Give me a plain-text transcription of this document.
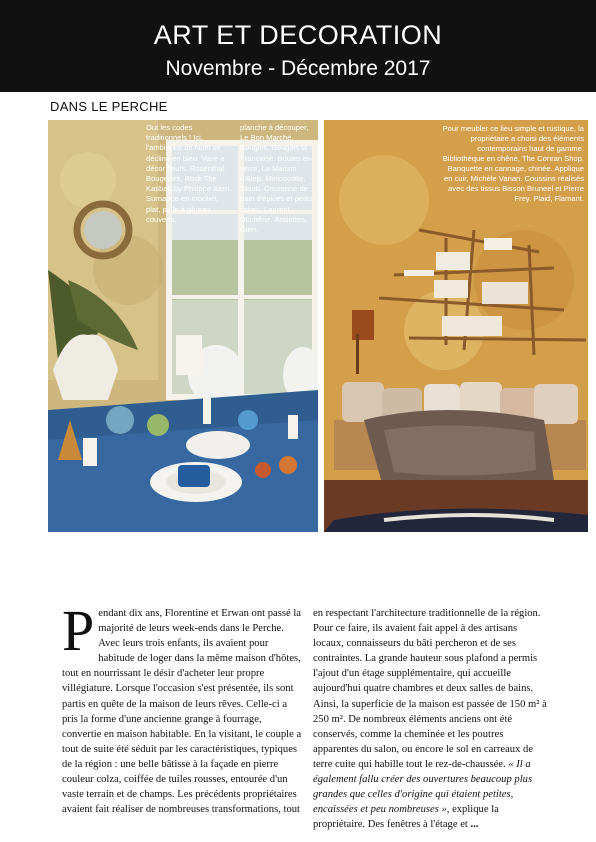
ART ET DECORATION
Novembre - Décembre 2017
DANS LE PERCHE
Out les codes traditionnels ! Ici, l'ambiance de Noël se décline en bleu. Vase à décor fleurs, Rosenthal. Bougeoirs, Rock The Kasbah by Philippe Xerri. Surnappe en crochet, plat, pelle à gâteau, couverts,
planche à découper, Le Bon Marché. Bougies, Bougies la Française. Boules en verre, La Maison d'Alep. Minicocotte, Staub. Couronne de pain d'épices et petits cakes, Laurent Duchêne. Assiettes, Gien.
Pour meubler ce lieu simple et rustique, la propriétaire a choisi des éléments contemporains haut de gamme. Bibliothèque en chêne, The Conran Shop. Banquette en cannage, chinée. Applique en cuir, Michèle Varian. Coussins réalisés avec des tissus Bisson Bruneel et Pierre Frey. Plaid, Flamant.

Pendant dix ans, Florentine et Erwan ont passé la majorité de leurs week-ends dans le Perche. Avec leurs trois enfants, ils avaient pour habitude de loger dans la même maison d'hôtes, tout en nourrissant le désir d'acheter leur propre villégiature. Lorsque l'occasion s'est présentée, ils sont partis en quête de la maison de leurs rêves. Celle-ci a pris la forme d'une ancienne grange à fourrage, convertie en maison habitable. En la visitant, le couple a tout de suite été séduit par les caractéristiques, typiques de la région : une belle bâtisse à la façade en pierre couleur colza, coiffée de tuiles rousses, entourée d'un vaste terrain et de champs. Les précédents propriétaires avaient fait réaliser de nombreuses transformations, tout

en respectant l'architecture traditionnelle de la région. Pour ce faire, ils avaient fait appel à des artisans locaux, connaisseurs du bâti percheron et de ses contraintes. La grande hauteur sous plafond a permis l'ajout d'un étage supplémentaire, qui accueille aujourd'hui quatre chambres et deux salles de bains. Ainsi, la superficie de la maison est passée de 150 m² à 250 m². De nombreux éléments anciens ont été conservés, comme la cheminée et les poutres apparentes du salon, ou encore le sol en carreaux de terre cuite qui habille tout le rez-de-chaussée. « Il a également fallu créer des ouvertures beaucoup plus grandes que celles d'origine qui étaient petites, encaissées et peu nombreuses », explique la propriétaire. Des fenêtres à l'étage et ...
